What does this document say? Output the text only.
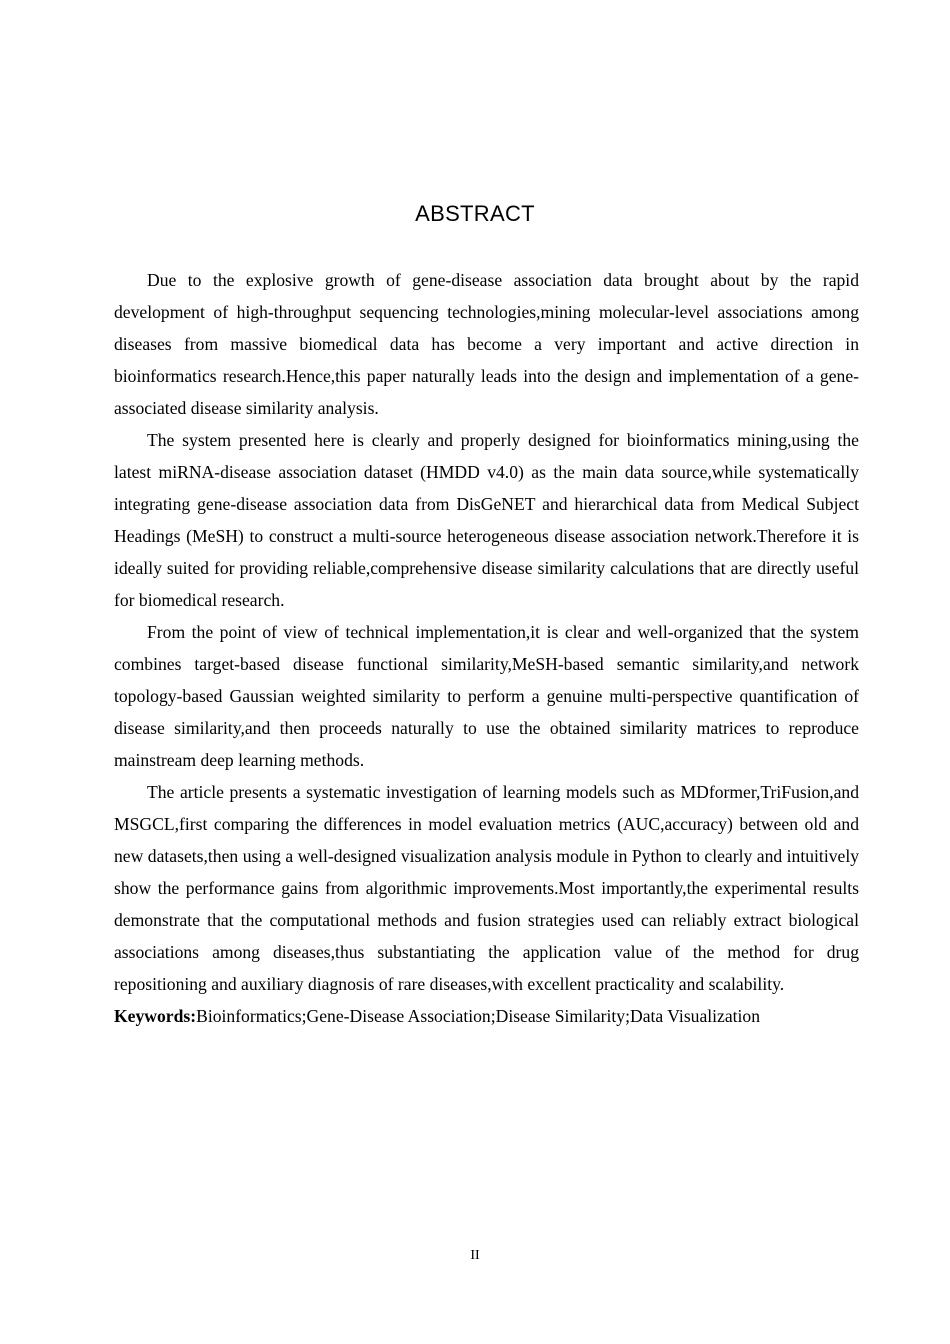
ABSTRACT

Due to the explosive growth of gene-disease association data brought about by the rapid development of high-throughput sequencing technologies,mining molecular-level associations among diseases from massive biomedical data has become a very important and active direction in bioinformatics research.Hence,this paper naturally leads into the design and implementation of a gene-associated disease similarity analysis.

The system presented here is clearly and properly designed for bioinformatics mining,using the latest miRNA-disease association dataset (HMDD v4.0) as the main data source,while systematically integrating gene-disease association data from DisGeNET and hierarchical data from Medical Subject Headings (MeSH) to construct a multi-source heterogeneous disease association network.Therefore it is ideally suited for providing reliable,comprehensive disease similarity calculations that are directly useful for biomedical research.

From the point of view of technical implementation,it is clear and well-organized that the system combines target-based disease functional similarity,MeSH-based semantic similarity,and network topology-based Gaussian weighted similarity to perform a genuine multi-perspective quantification of disease similarity,and then proceeds naturally to use the obtained similarity matrices to reproduce mainstream deep learning methods.

The article presents a systematic investigation of learning models such as MDformer,TriFusion,and MSGCL,first comparing the differences in model evaluation metrics (AUC,accuracy) between old and new datasets,then using a well-designed visualization analysis module in Python to clearly and intuitively show the performance gains from algorithmic improvements.Most importantly,the experimental results demonstrate that the computational methods and fusion strategies used can reliably extract biological associations among diseases,thus substantiating the application value of the method for drug repositioning and auxiliary diagnosis of rare diseases,with excellent practicality and scalability.

Keywords:Bioinformatics;Gene-Disease Association;Disease Similarity;Data Visualization

II
